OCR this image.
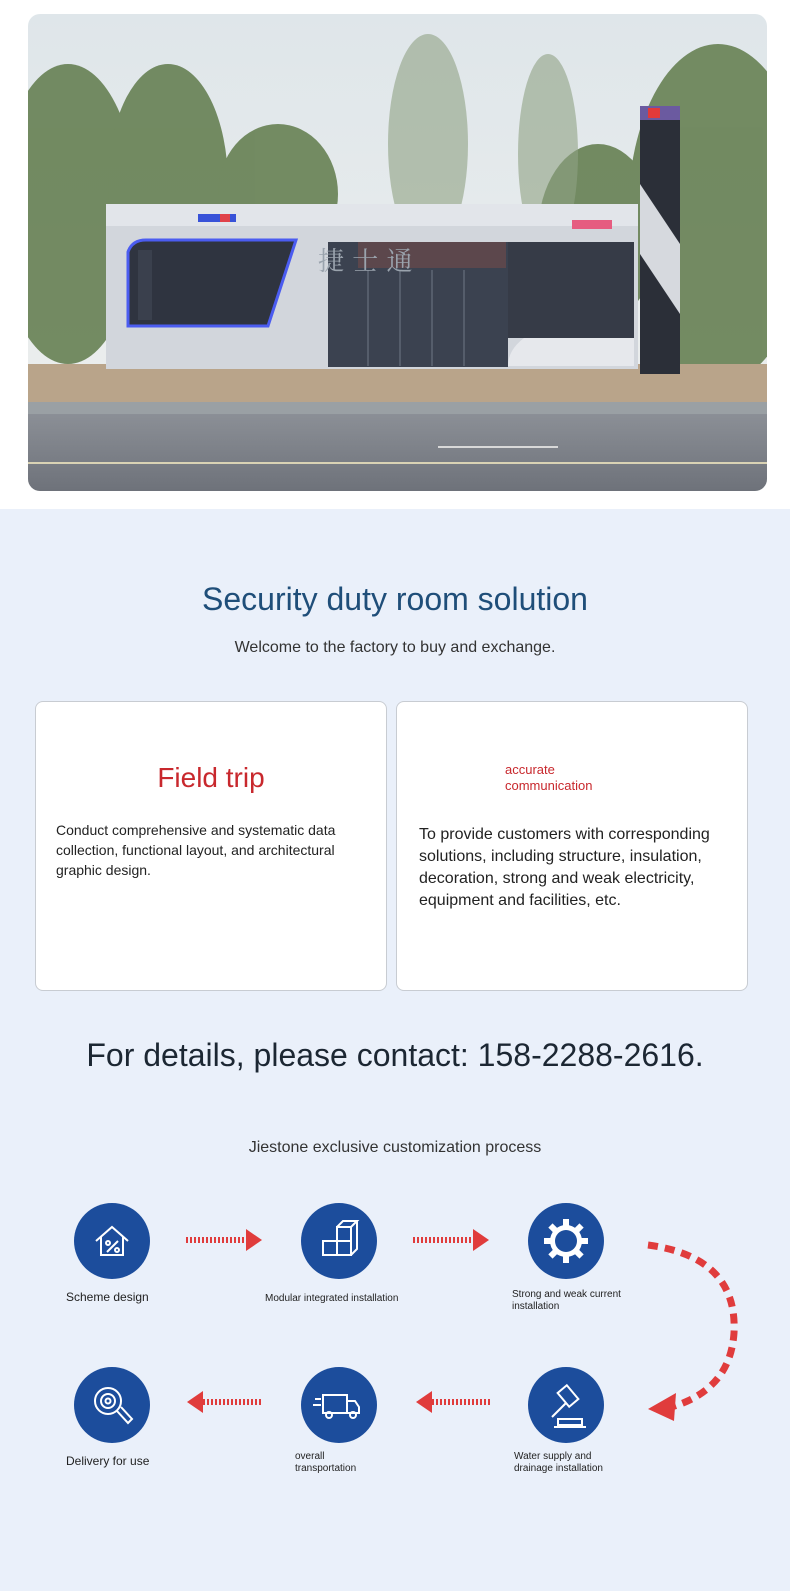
捷 士 通
Security duty room solution
Welcome to the factory to buy and exchange.
Field trip
Conduct comprehensive and systematic data collection, functional layout, and architectural graphic design.
accurate communication
To provide customers with corresponding solutions, including structure, insulation, decoration, strong and weak electricity, equipment and facilities, etc.
For details, please contact: 158-2288-2616.
Jiestone exclusive customization process
Scheme design	Modular integrated installation	Strong and weak current installation
Delivery for use	overall transportation
Water supply and drainage installation
